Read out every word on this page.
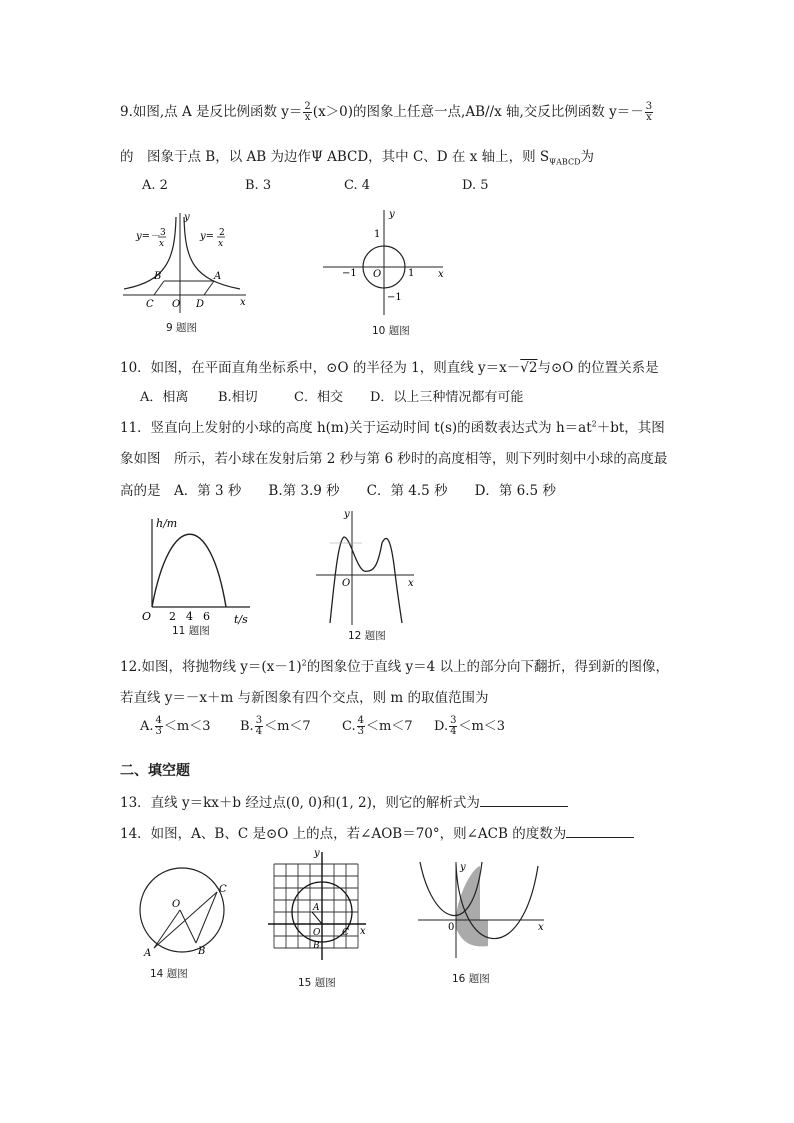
9.如图,点 A 是反比例函数 $y= \frac{2}{x} (x>0)$的图象上任意一点,AB//x 轴,交反比例函数 $y=- \frac{3}{x}$
的　图象于点 B，以 AB 为边作Ψ ABCD，其中 C、D 在 x 轴上，则 $S_{\Psi ABCD}$为
A. 2	B. 3	C. 4	D. 5
y=－ 3
x
y= 2
x
y
x
B	A
C O D
9 题图
y
x
1
−1 O	1
−1
10 题图
10．如图，在平面直角坐标系中，⊙O 的半径为 1，则直线 y＝x－√2与⊙O 的位置关系是
A．相离 B.相切	C．相交 D．以上三种情况都有可能
11．竖直向上发射的小球的高度 h(m)关于运动时间 t(s)的函数表达式为 $h=at^2+bt$，其图
象如图　所示，若小球在发射后第 2 秒与第 6 秒时的高度相等，则下列时刻中小球的高度最
高的是　A．第 3 秒　　B.第 3.9 秒　　C．第 4.5 秒　　D．第 6.5 秒
h/m
O 2 4 6 t/s
11 题图
y
x
O
12 题图
12.如图，将抛物线 $y=(x-1)^2$的图象位于直线 y＝4 以上的部分向下翻折，得到新的图像，
若直线 y＝－x＋m 与新图象有四个交点，则 m 的取值范围为
A. $\frac{4}{3} <m<3$ B. $\frac{3}{4} <m<7$ C. $\frac{4}{3} <m<7$ D. $\frac{3}{4} <m<3$
二、填空题
13．直线 y＝kx＋b 经过点(0, 0)和(1, 2)，则它的解析式为
14．如图，A、B、C 是⊙O 上的点，若∠AOB＝70°，则∠ACB 的度数为
O
C
A	B
14 题图
y
x
A
B
C
O
15 题图
y
x
0
16 题图
